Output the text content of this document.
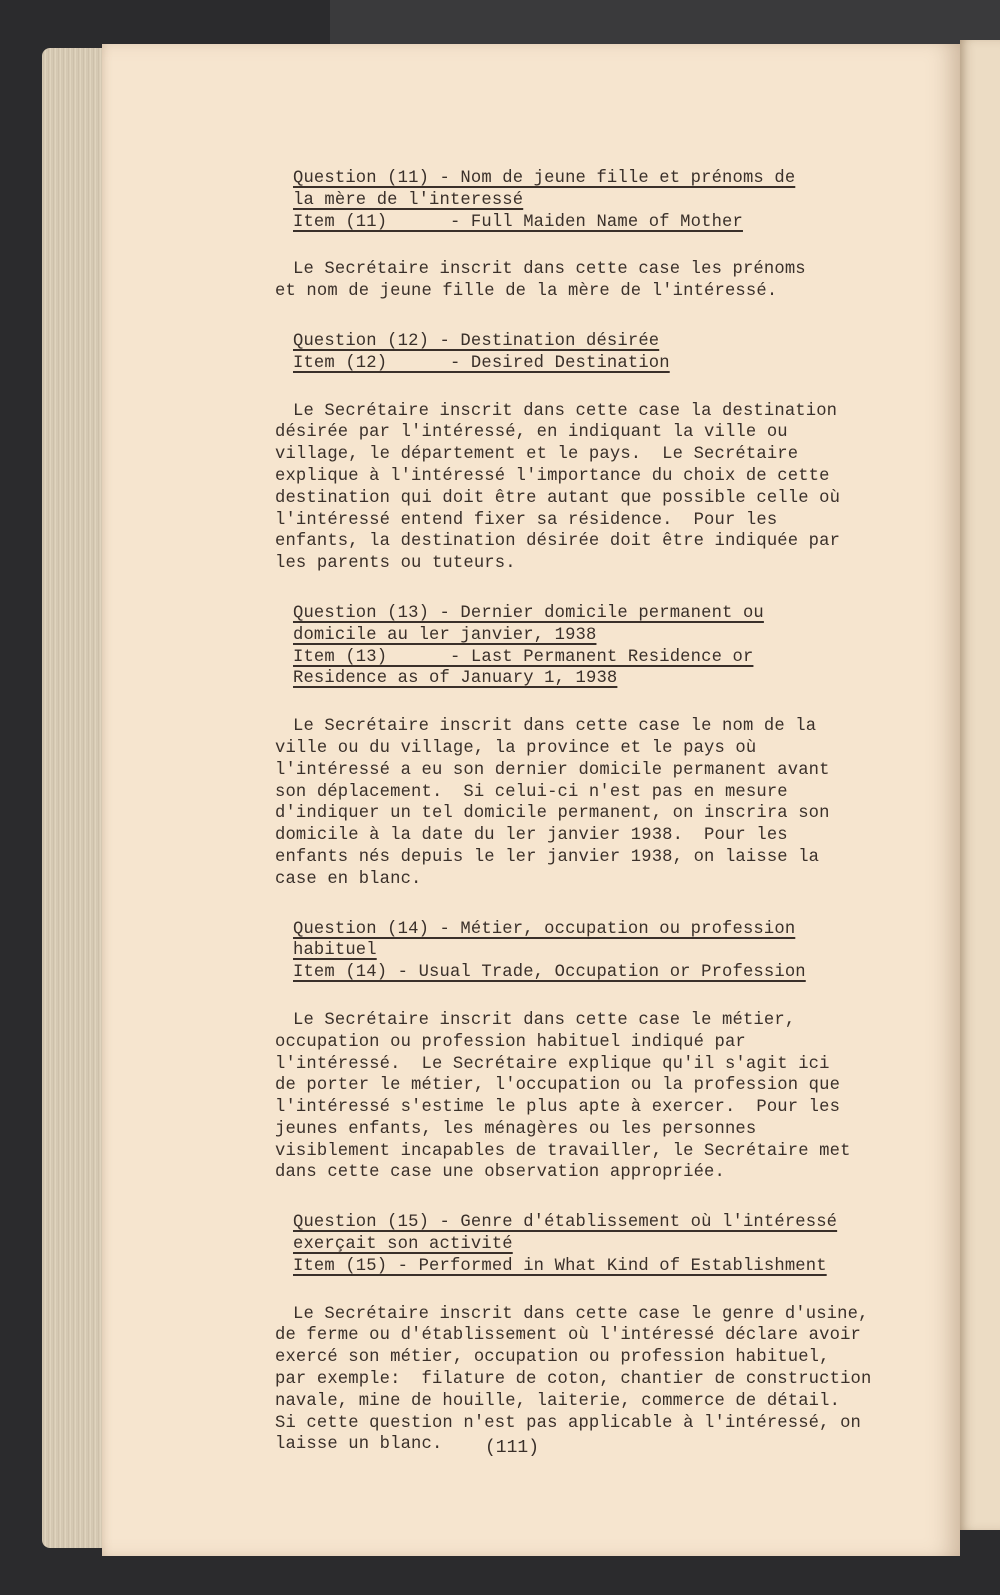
Question (11) - Nom de jeune fille et prénoms de
la mère de l'interessé
Item (11)      - Full Maiden Name of Mother
Le Secrétaire inscrit dans cette case les prénoms
et nom de jeune fille de la mère de l'intéressé.
Question (12) - Destination désirée
Item (12)      - Desired Destination
Le Secrétaire inscrit dans cette case la destination
désirée par l'intéressé, en indiquant la ville ou
village, le département et le pays.  Le Secrétaire
explique à l'intéressé l'importance du choix de cette
destination qui doit être autant que possible celle où
l'intéressé entend fixer sa résidence.  Pour les
enfants, la destination désirée doit être indiquée par
les parents ou tuteurs.
Question (13) - Dernier domicile permanent ou
domicile au ler janvier, 1938
Item (13)      - Last Permanent Residence or
Residence as of January 1, 1938
Le Secrétaire inscrit dans cette case le nom de la
ville ou du village, la province et le pays où
l'intéressé a eu son dernier domicile permanent avant
son déplacement.  Si celui-ci n'est pas en mesure
d'indiquer un tel domicile permanent, on inscrira son
domicile à la date du ler janvier 1938.  Pour les
enfants nés depuis le ler janvier 1938, on laisse la
case en blanc.
Question (14) - Métier, occupation ou profession
habituel
Item (14) - Usual Trade, Occupation or Profession
Le Secrétaire inscrit dans cette case le métier,
occupation ou profession habituel indiqué par
l'intéressé.  Le Secrétaire explique qu'il s'agit ici
de porter le métier, l'occupation ou la profession que
l'intéressé s'estime le plus apte à exercer.  Pour les
jeunes enfants, les ménagères ou les personnes
visiblement incapables de travailler, le Secrétaire met
dans cette case une observation appropriée.
Question (15) - Genre d'établissement où l'intéressé
exerçait son activité
Item (15) - Performed in What Kind of Establishment
Le Secrétaire inscrit dans cette case le genre d'usine,
de ferme ou d'établissement où l'intéressé déclare avoir
exercé son métier, occupation ou profession habituel,
par exemple:  filature de coton, chantier de construction
navale, mine de houille, laiterie, commerce de détail.
Si cette question n'est pas applicable à l'intéressé, on
laisse un blanc.	(111)
